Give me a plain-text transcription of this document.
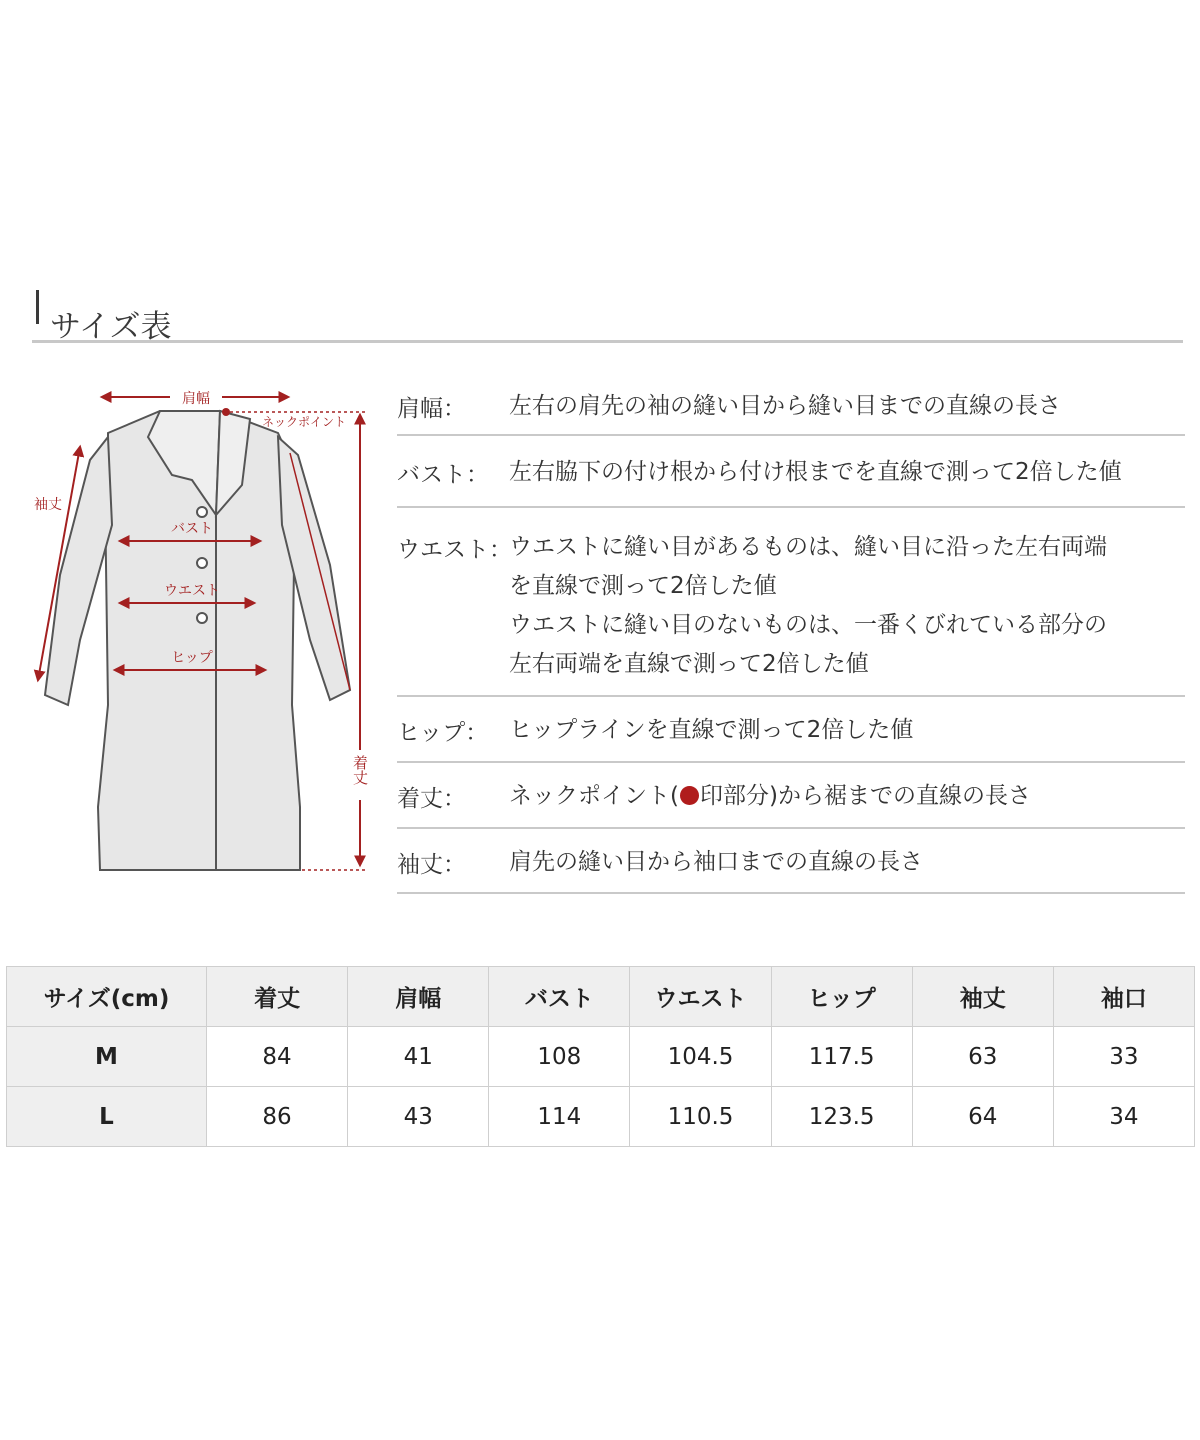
サイズ表
肩幅
ネックポイント
袖丈
バスト
ウエスト
ヒップ
着丈
肩幅： 左右の肩先の袖の縫い目から縫い目までの直線の長さ
バスト： 左右脇下の付け根から付け根までを直線で測って2倍した値
ウエスト：
ウエストに縫い目があるものは、縫い目に沿った左右両端
を直線で測って2倍した値
ウエストに縫い目のないものは、一番くびれている部分の
左右両端を直線で測って2倍した値
ヒップ： ヒップラインを直線で測って2倍した値
着丈： ネックポイント( 印部分)から裾までの直線の長さ
袖丈： 肩先の縫い目から袖口までの直線の長さ
サイズ(cm)	着丈	肩幅	バスト	ウエスト	ヒップ	袖丈	袖口
M	84	41	108	104.5	117.5	63	33
L	86	43	114	110.5	123.5	64	34
